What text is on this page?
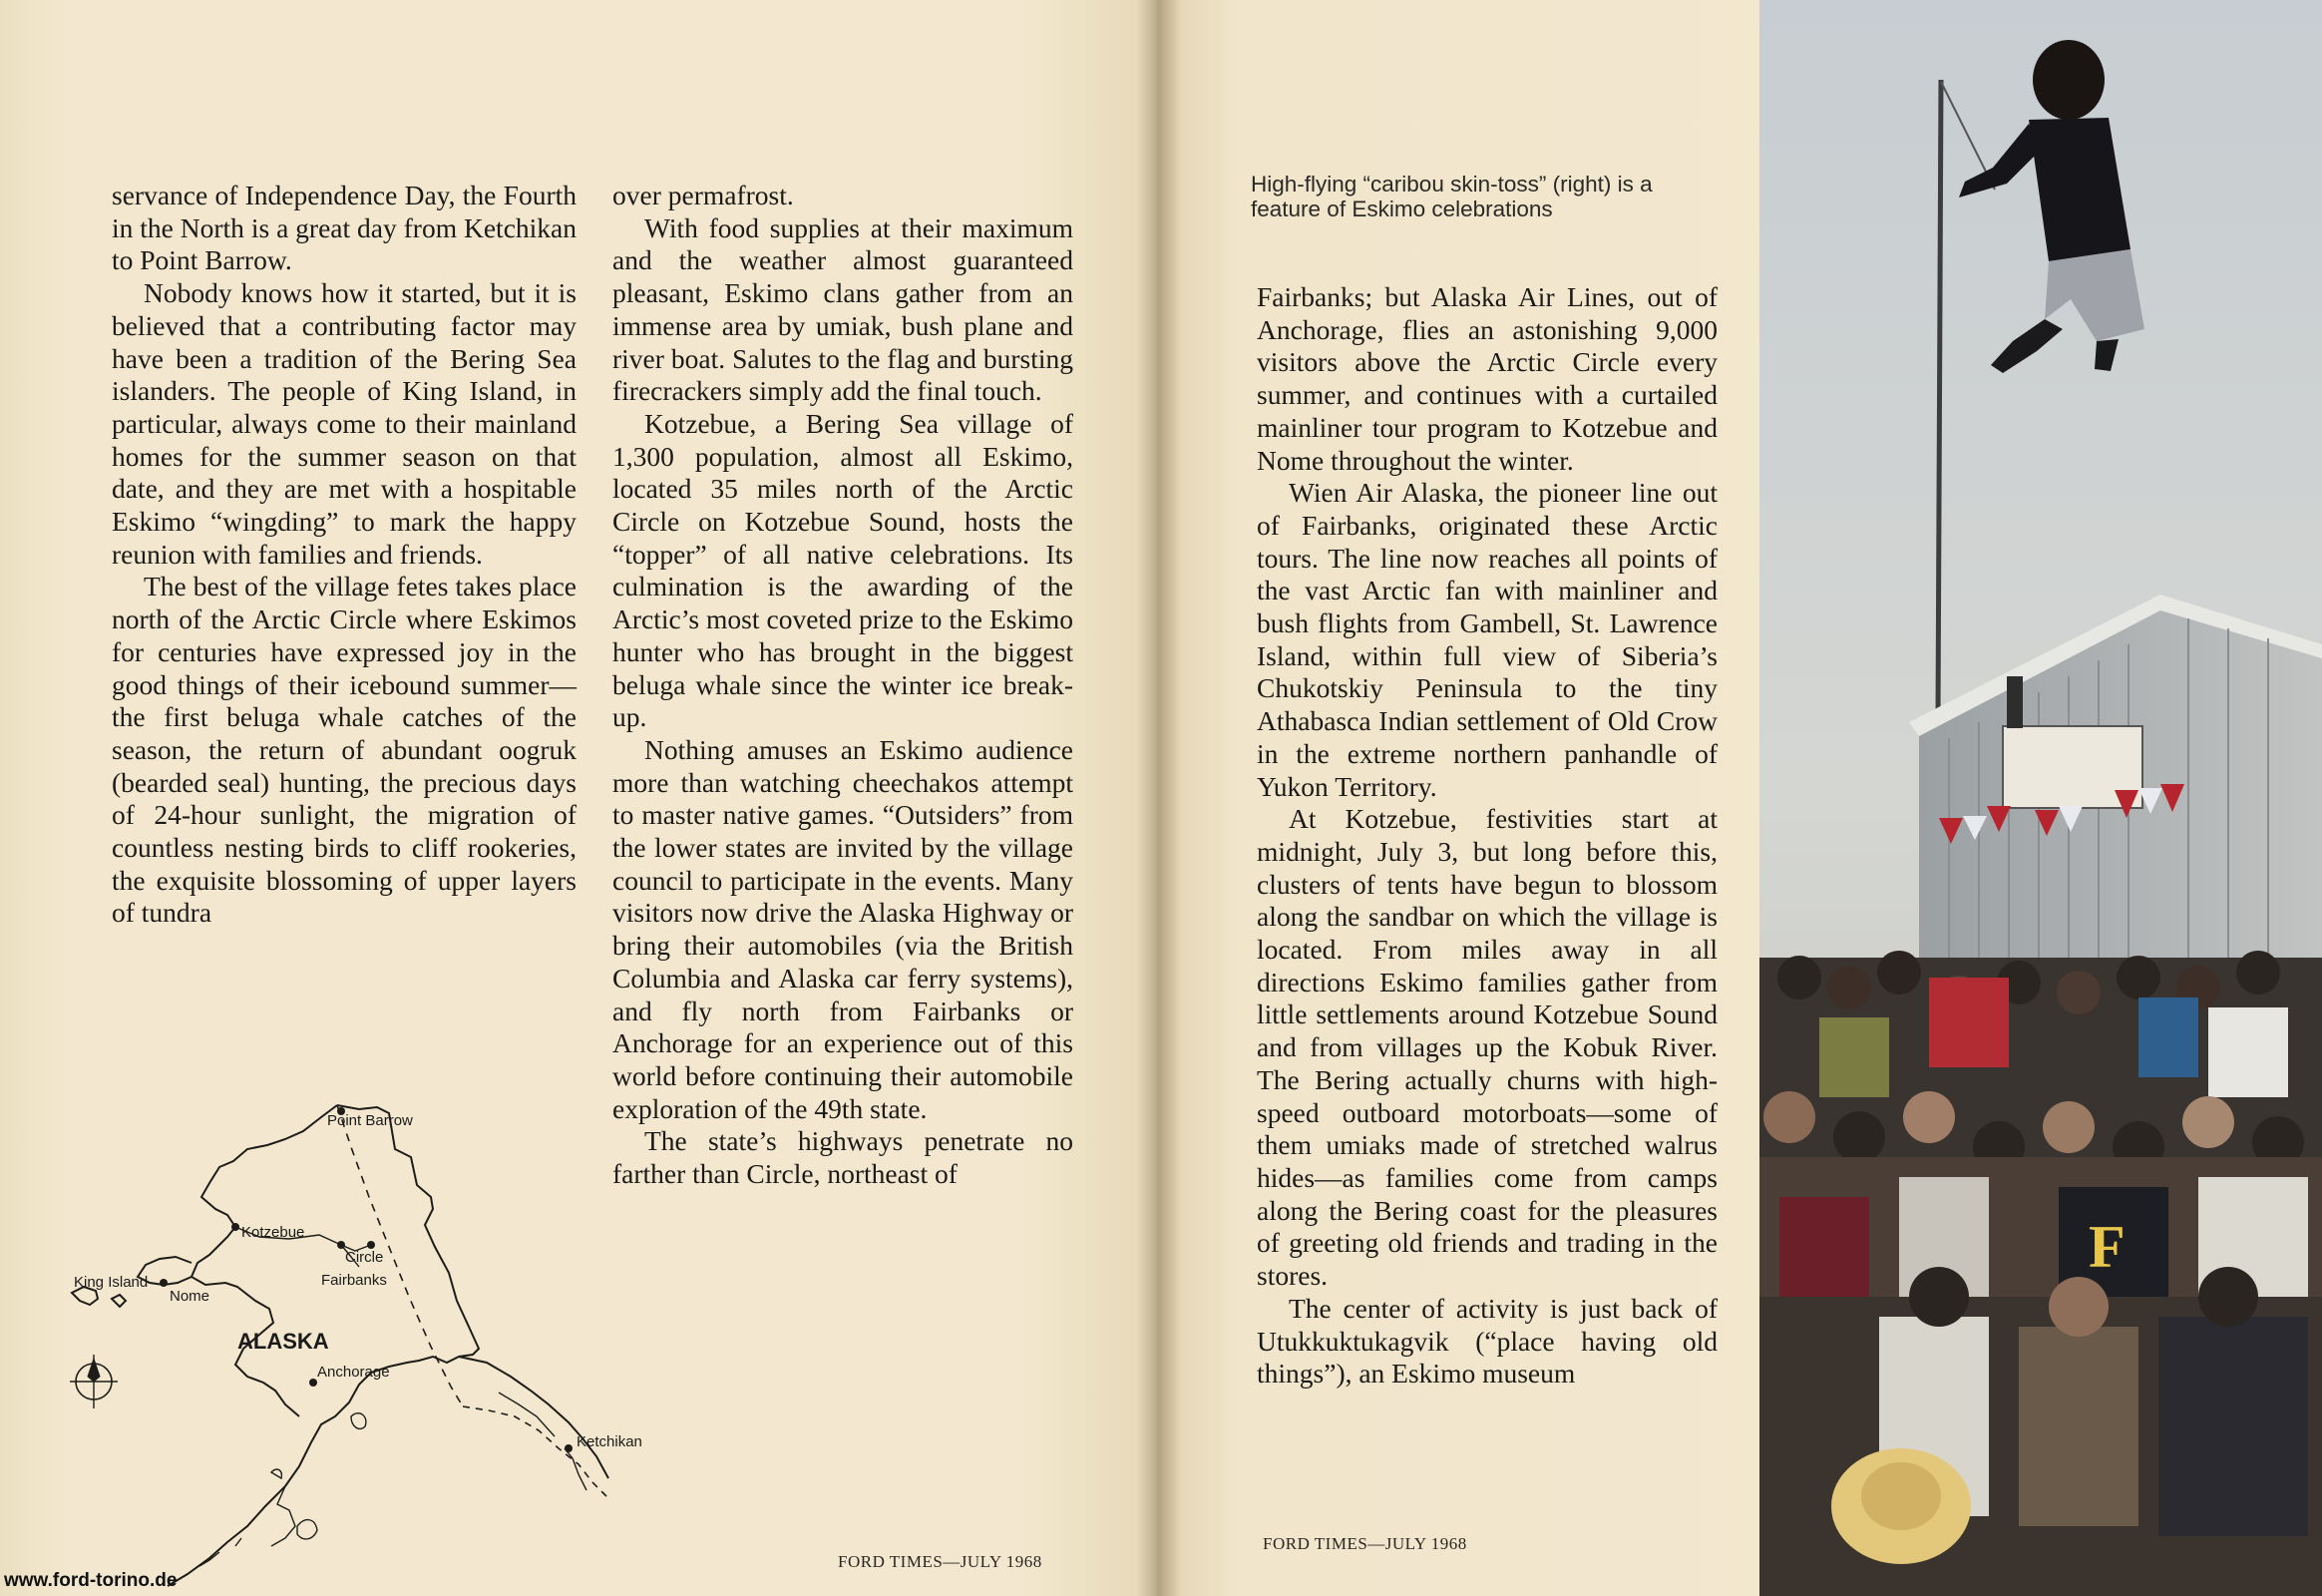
servance of Independence Day, the Fourth in the North is a great day from Ketchikan to Point Barrow.

Nobody knows how it started, but it is believed that a contributing factor may have been a tradition of the Bering Sea islanders. The people of King Island, in particular, always come to their mainland homes for the summer season on that date, and they are met with a hospitable Eskimo “wingding” to mark the happy reunion with families and friends.

The best of the village fetes takes place north of the Arctic Circle where Eskimos for centuries have expressed joy in the good things of their icebound summer—the first beluga whale catches of the season, the return of abundant oogruk (bearded seal) hunting, the precious days of 24-hour sunlight, the migration of countless nesting birds to cliff rookeries, the exquisite blossoming of upper layers of tundra

over permafrost.

With food supplies at their maximum and the weather almost guaranteed pleasant, Eskimo clans gather from an immense area by umiak, bush plane and river boat. Salutes to the flag and bursting firecrackers simply add the final touch.

Kotzebue, a Bering Sea village of 1,300 population, almost all Eskimo, located 35 miles north of the Arctic Circle on Kotzebue Sound, hosts the “topper” of all native celebrations. Its culmination is the awarding of the Arctic’s most coveted prize to the Eskimo hunter who has brought in the biggest beluga whale since the winter ice break-up.

Nothing amuses an Eskimo audience more than watching cheechakos attempt to master native games. “Outsiders” from the lower states are invited by the village council to participate in the events. Many visitors now drive the Alaska Highway or bring their automobiles (via the British Columbia and Alaska car ferry systems), and fly north from Fairbanks or Anchorage for an experience out of this world before continuing their automobile exploration of the 49th state.

The state’s highways penetrate no farther than Circle, northeast of

Point Barrow
Kotzebue
Circle
Fairbanks
King Island
Nome
ALASKA
Anchorage
Ketchikan
FORD TIMES—JULY 1968
www.ford-torino.de
High-flying “caribou skin-toss” (right) is a feature of Eskimo celebrations

Fairbanks; but Alaska Air Lines, out of Anchorage, flies an astonishing 9,000 visitors above the Arctic Circle every summer, and continues with a curtailed mainliner tour program to Kotzebue and Nome throughout the winter.

Wien Air Alaska, the pioneer line out of Fairbanks, originated these Arctic tours. The line now reaches all points of the vast Arctic fan with mainliner and bush flights from Gambell, St. Lawrence Island, within full view of Siberia’s Chukotskiy Peninsula to the tiny Athabasca Indian settlement of Old Crow in the extreme northern panhandle of Yukon Territory.

At Kotzebue, festivities start at midnight, July 3, but long before this, clusters of tents have begun to blossom along the sandbar on which the village is located. From miles away in all directions Eskimo families gather from little settlements around Kotzebue Sound and from villages up the Kobuk River. The Bering actually churns with high-speed outboard motorboats—some of them umiaks made of stretched walrus hides—as families come from camps along the Bering coast for the pleasures of greeting old friends and trading in the stores.

The center of activity is just back of Utukkuktukagvik (“place having old things”), an Eskimo museum

FORD TIMES—JULY 1968
F
